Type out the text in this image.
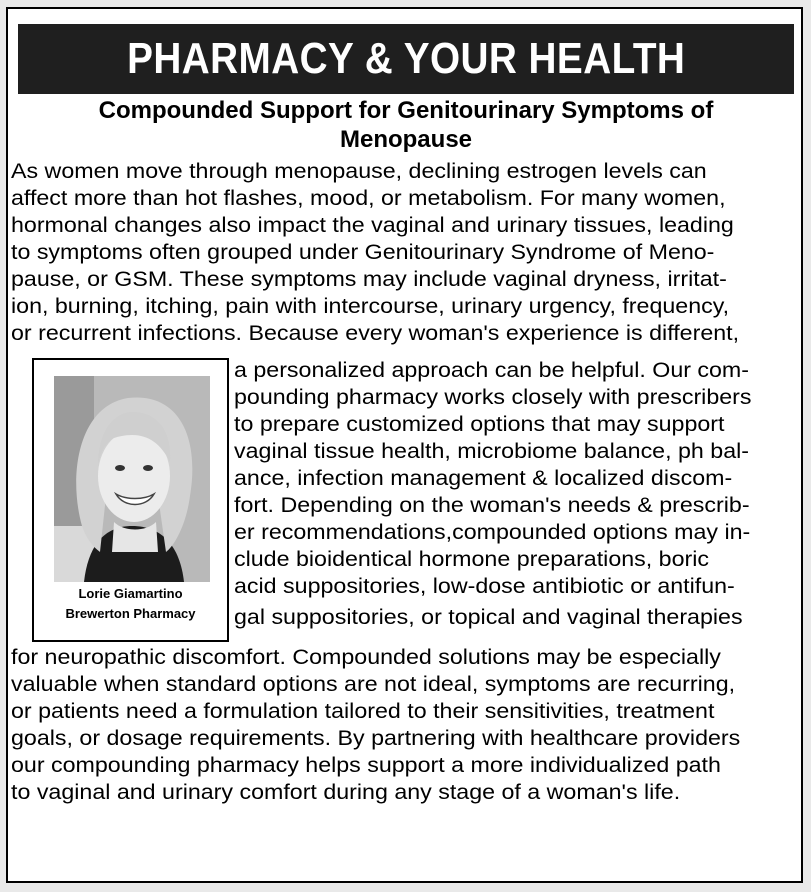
PHARMACY & YOUR HEALTH
Compounded Support for Genitourinary Symptoms of
Menopause
As women move through menopause, declining estrogen levels can
affect more than hot flashes, mood, or metabolism. For many women,
hormonal changes also impact the vaginal and urinary tissues, leading
to symptoms often grouped under Genitourinary Syndrome of Meno-
pause, or GSM. These symptoms may include vaginal dryness, irritat-
ion, burning, itching, pain with intercourse, urinary urgency, frequency,
or recurrent infections. Because every woman's experience is different,
Lorie Giamartino
Brewerton Pharmacy
a personalized approach can be helpful. Our com-
pounding pharmacy works closely with prescribers
to prepare customized options that may support
vaginal tissue health, microbiome balance, ph bal-
ance, infection management & localized discom-
fort. Depending on the woman's needs & prescrib-
er recommendations,compounded options may in-
clude bioidentical hormone preparations, boric
acid suppositories, low-dose antibiotic or antifun-
gal suppositories, or topical and vaginal therapies
for neuropathic discomfort. Compounded solutions may be especially
valuable when standard options are not ideal, symptoms are recurring,
or patients need a formulation tailored to their sensitivities, treatment
goals, or dosage requirements. By partnering with healthcare providers
our compounding pharmacy helps support a more individualized path
to vaginal and urinary comfort during any stage of a woman's life.
